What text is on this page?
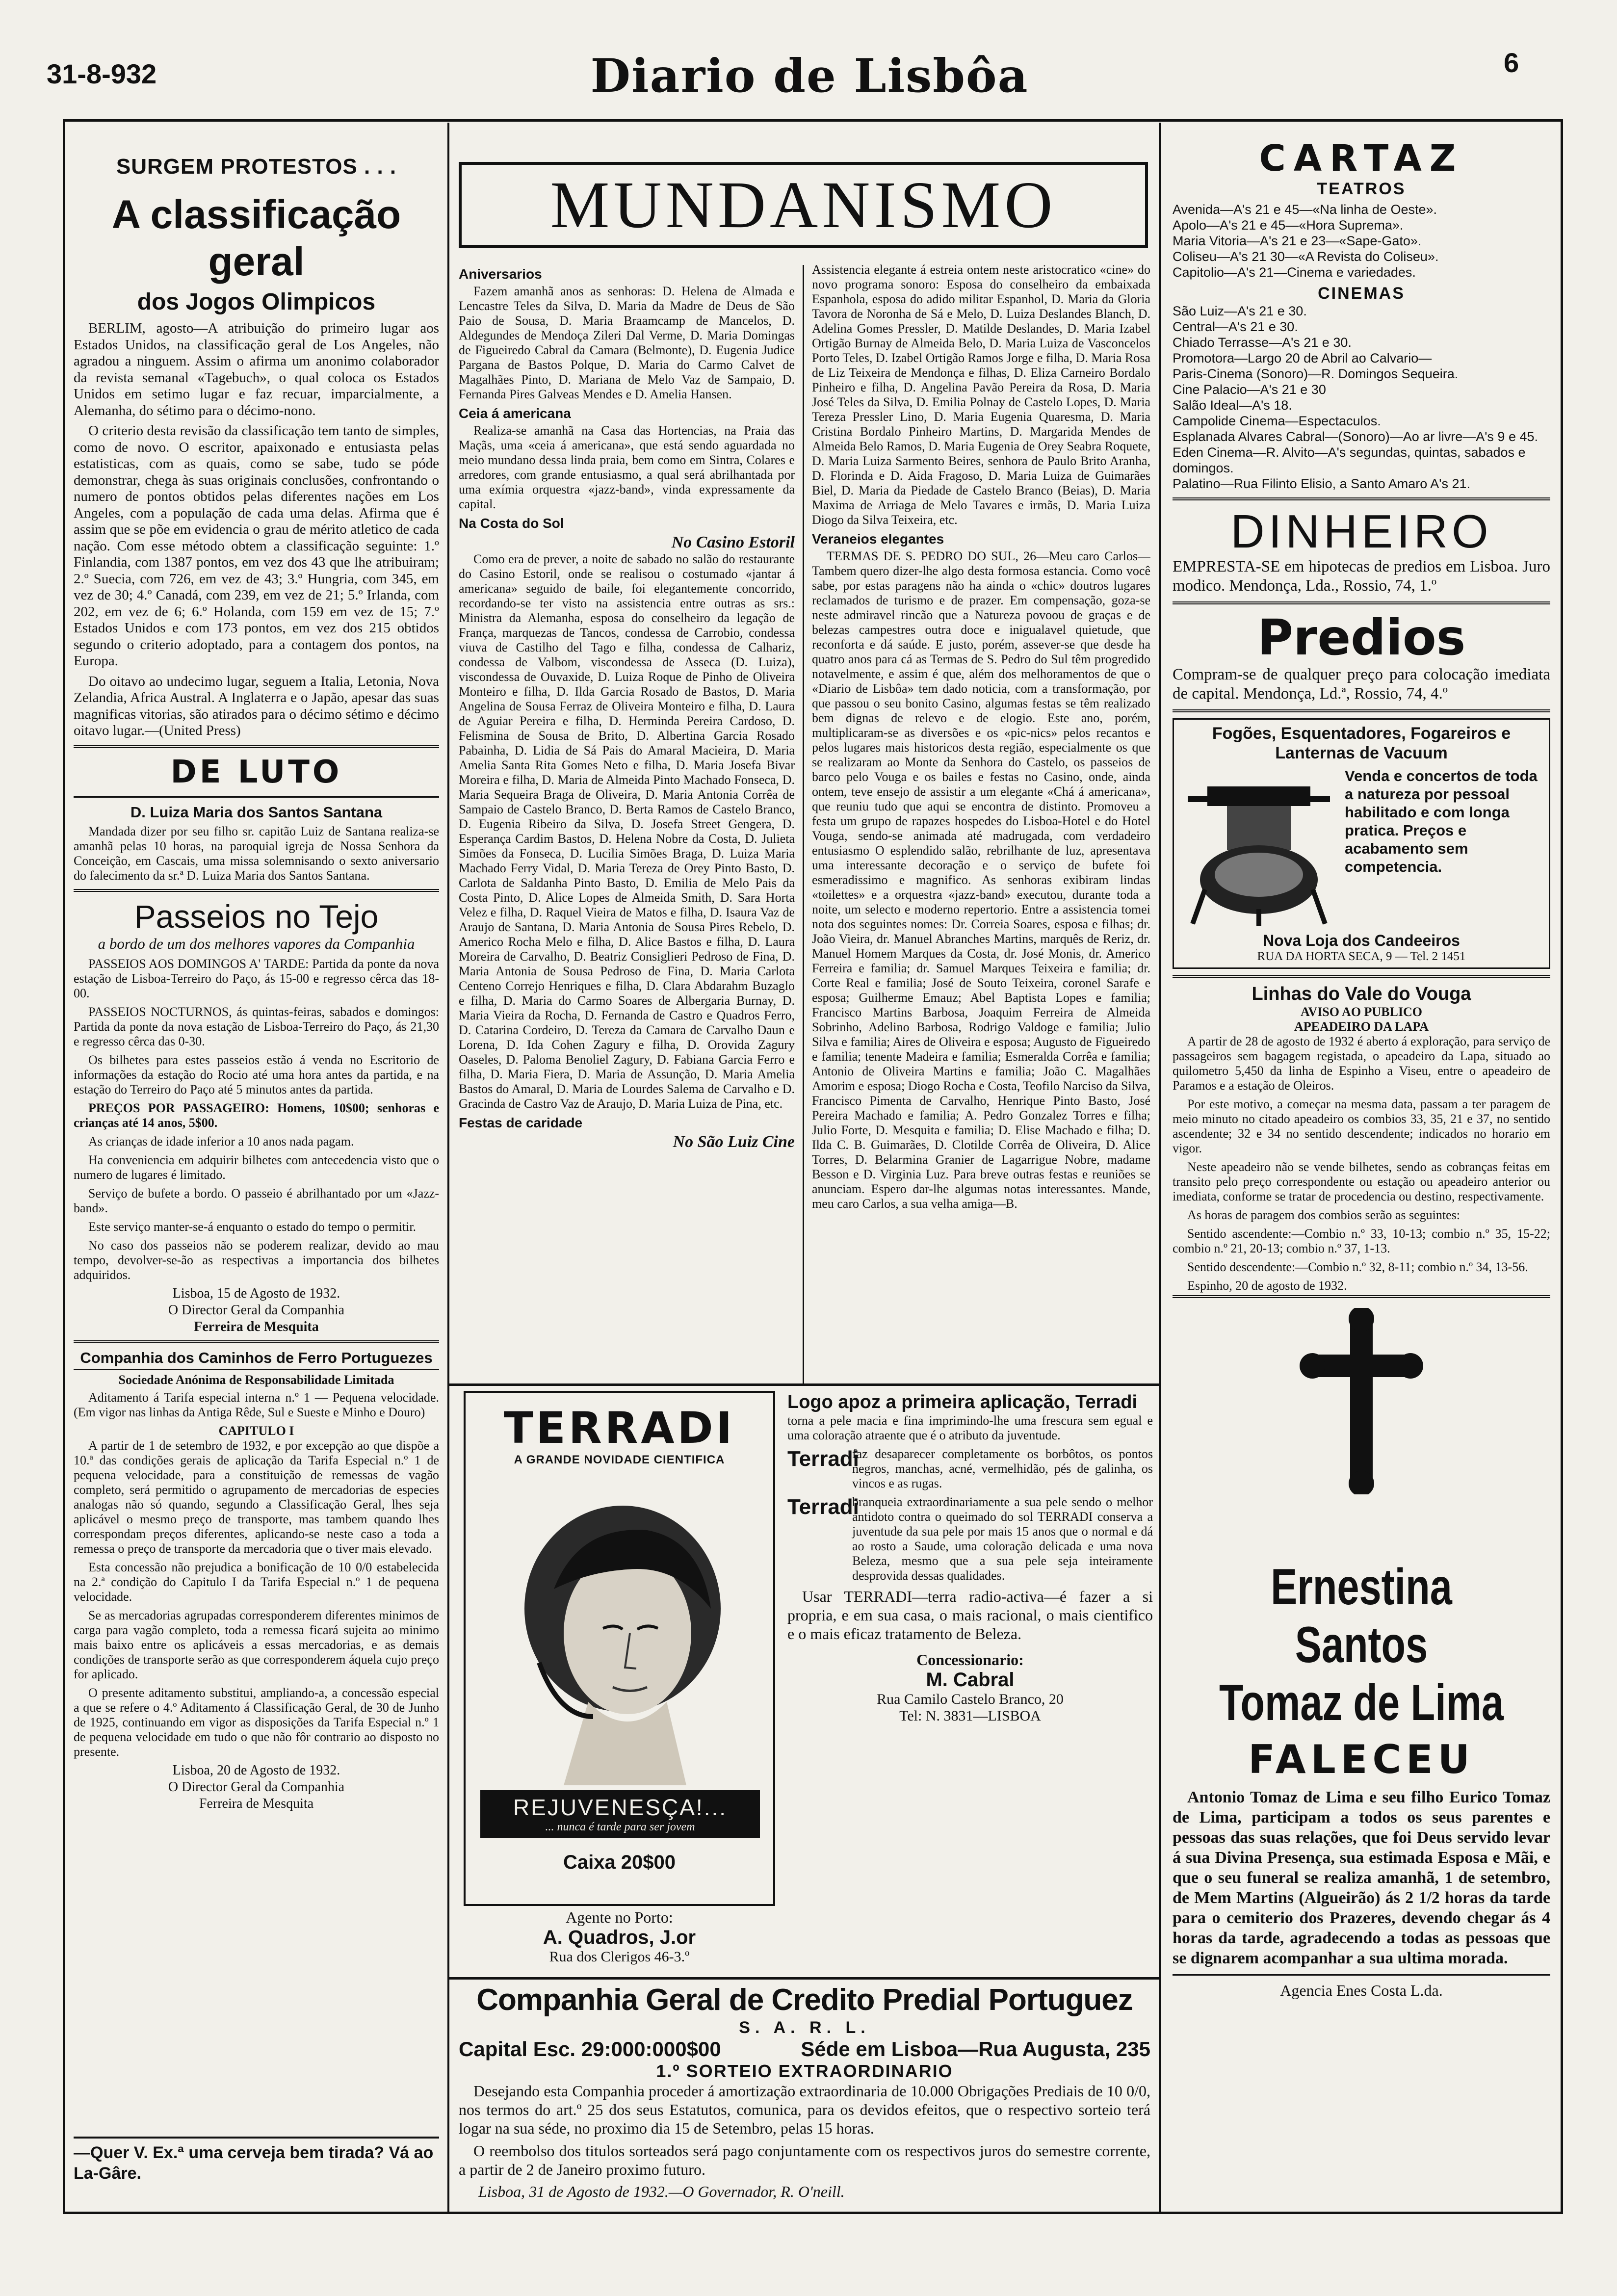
31-8-932	Diario de Lisbôa	6
SURGEM PROTESTOS . . .
A classificação geral
dos Jogos Olimpicos

BERLIM, agosto—A atribuição do primeiro lugar aos Estados Unidos, na classificação geral de Los Angeles, não agradou a ninguem. Assim o afirma um anonimo colaborador da revista semanal «Tagebuch», o qual coloca os Estados Unidos em setimo lugar e faz recuar, imparcialmente, a Alemanha, do sétimo para o décimo-nono.

O criterio desta revisão da classificação tem tanto de simples, como de novo. O escritor, apaixonado e entusiasta pelas estatisticas, com as quais, como se sabe, tudo se póde demonstrar, chega às suas originais conclusões, confrontando o numero de pontos obtidos pelas diferentes nações em Los Angeles, com a população de cada uma delas. Afirma que é assim que se põe em evidencia o grau de mérito atletico de cada nação. Com esse método obtem a classificação seguinte: 1.º Finlandia, com 1387 pontos, em vez dos 43 que lhe atribuiram; 2.º Suecia, com 726, em vez de 43; 3.º Hungria, com 345, em vez de 30; 4.º Canadá, com 239, em vez de 21; 5.º Irlanda, com 202, em vez de 6; 6.º Holanda, com 159 em vez de 15; 7.º Estados Unidos e com 173 pontos, em vez dos 215 obtidos segundo o criterio adoptado, para a contagem dos pontos, na Europa.

Do oitavo ao undecimo lugar, seguem a Italia, Letonia, Nova Zelandia, Africa Austral. A Inglaterra e o Japão, apesar das suas magnificas vitorias, são atirados para o décimo sétimo e décimo oitavo lugar.—(United Press)

DE LUTO
D. Luiza Maria dos Santos Santana

Mandada dizer por seu filho sr. capitão Luiz de Santana realiza-se amanhã pelas 10 horas, na paroquial igreja de Nossa Senhora da Conceição, em Cascais, uma missa solemnisando o sexto aniversario do falecimento da sr.ª D. Luiza Maria dos Santos Santana.

Passeios no Tejo
a bordo de um dos melhores vapores da Companhia

PASSEIOS AOS DOMINGOS A' TARDE: Partida da ponte da nova estação de Lisboa-Terreiro do Paço, ás 15-00 e regresso cêrca das 18-00.

PASSEIOS NOCTURNOS, ás quintas-feiras, sabados e domingos: Partida da ponte da nova estação de Lisboa-Terreiro do Paço, ás 21,30 e regresso cêrca das 0-30.

Os bilhetes para estes passeios estão á venda no Escritorio de informações da estação do Rocio até uma hora antes da partida, e na estação do Terreiro do Paço até 5 minutos antes da partida.

PREÇOS POR PASSAGEIRO: Homens, 10$00; senhoras e crianças até 14 anos, 5$00.

As crianças de idade inferior a 10 anos nada pagam.

Ha conveniencia em adquirir bilhetes com antecedencia visto que o numero de lugares é limitado.

Serviço de bufete a bordo. O passeio é abrilhantado por um «Jazz-band».

Este serviço manter-se-á enquanto o estado do tempo o permitir.

No caso dos passeios não se poderem realizar, devido ao mau tempo, devolver-se-ão as respectivas a importancia dos bilhetes adquiridos.

Lisboa, 15 de Agosto de 1932.
O Director Geral da Companhia
Ferreira de Mesquita
Companhia dos Caminhos de Ferro Portuguezes
Sociedade Anónima de Responsabilidade Limitada

Aditamento á Tarifa especial interna n.º 1 — Pequena velocidade. (Em vigor nas linhas da Antiga Rêde, Sul e Sueste e Minho e Douro)

CAPITULO I

A partir de 1 de setembro de 1932, e por excepção ao que dispõe a 10.ª das condições gerais de aplicação da Tarifa Especial n.º 1 de pequena velocidade, para a constituição de remessas de vagão completo, será permitido o agrupamento de mercadorias de especies analogas não só quando, segundo a Classificação Geral, lhes seja aplicável o mesmo preço de transporte, mas tambem quando lhes correspondam preços diferentes, aplicando-se neste caso a toda a remessa o preço de transporte da mercadoria que o tiver mais elevado.

Esta concessão não prejudica a bonificação de 10 0/0 estabelecida na 2.ª condição do Capitulo I da Tarifa Especial n.º 1 de pequena velocidade.

Se as mercadorias agrupadas corresponderem diferentes minimos de carga para vagão completo, toda a remessa ficará sujeita ao minimo mais baixo entre os aplicáveis a essas mercadorias, e as demais condições de transporte serão as que corresponderem áquela cujo preço for aplicado.

O presente aditamento substitui, ampliando-a, a concessão especial a que se refere o 4.º Aditamento á Classificação Geral, de 30 de Junho de 1925, continuando em vigor as disposições da Tarifa Especial n.º 1 de pequena velocidade em tudo o que não fôr contrario ao disposto no presente.

Lisboa, 20 de Agosto de 1932.
O Director Geral da Companhia
Ferreira de Mesquita
—Quer V. Ex.ª uma cerveja bem tirada? Vá ao La-Gâre.
MUNDANISMO
Aniversarios

Fazem amanhã anos as senhoras: D. Helena de Almada e Lencastre Teles da Silva, D. Maria da Madre de Deus de São Paio de Sousa, D. Maria Braamcamp de Mancelos, D. Aldegundes de Mendoça Zileri Dal Verme, D. Maria Domingas de Figueiredo Cabral da Camara (Belmonte), D. Eugenia Judice Pargana de Bastos Polque, D. Maria do Carmo Calvet de Magalhães Pinto, D. Mariana de Melo Vaz de Sampaio, D. Fernanda Pires Galveas Mendes e D. Amelia Hansen.

Ceia á americana

Realiza-se amanhã na Casa das Hortencias, na Praia das Maçãs, uma «ceia á americana», que está sendo aguardada no meio mundano dessa linda praia, bem como em Sintra, Colares e arredores, com grande entusiasmo, a qual será abrilhantada por uma exímia orquestra «jazz-band», vinda expressamente da capital.

Na Costa do Sol
No Casino Estoril

Como era de prever, a noite de sabado no salão do restaurante do Casino Estoril, onde se realisou o costumado «jantar á americana» seguido de baile, foi elegantemente concorrido, recordando-se ter visto na assistencia entre outras as srs.: Ministra da Alemanha, esposa do conselheiro da legação de França, marquezas de Tancos, condessa de Carrobio, condessa viuva de Castilho del Tago e filha, condessa de Calhariz, condessa de Valbom, viscondessa de Asseca (D. Luiza), viscondessa de Ouvaxide, D. Luiza Roque de Pinho de Oliveira Monteiro e filha, D. Ilda Garcia Rosado de Bastos, D. Maria Angelina de Sousa Ferraz de Oliveira Monteiro e filha, D. Laura de Aguiar Pereira e filha, D. Herminda Pereira Cardoso, D. Felismina de Sousa de Brito, D. Albertina Garcia Rosado Pabainha, D. Lidia de Sá Pais do Amaral Macieira, D. Maria Amelia Santa Rita Gomes Neto e filha, D. Maria Josefa Bivar Moreira e filha, D. Maria de Almeida Pinto Machado Fonseca, D. Maria Sequeira Braga de Oliveira, D. Maria Antonia Corrêa de Sampaio de Castelo Branco, D. Berta Ramos de Castelo Branco, D. Eugenia Ribeiro da Silva, D. Josefa Street Gengera, D. Esperança Cardim Bastos, D. Helena Nobre da Costa, D. Julieta Simões da Fonseca, D. Lucilia Simões Braga, D. Luiza Maria Machado Ferry Vidal, D. Maria Tereza de Orey Pinto Basto, D. Carlota de Saldanha Pinto Basto, D. Emilia de Melo Pais da Costa Pinto, D. Alice Lopes de Almeida Smith, D. Sara Horta Velez e filha, D. Raquel Vieira de Matos e filha, D. Isaura Vaz de Araujo de Santana, D. Maria Antonia de Sousa Pires Rebelo, D. Americo Rocha Melo e filha, D. Alice Bastos e filha, D. Laura Moreira de Carvalho, D. Beatriz Consiglieri Pedroso de Fina, D. Maria Antonia de Sousa Pedroso de Fina, D. Maria Carlota Centeno Correjo Henriques e filha, D. Clara Abdarahm Buzaglo e filha, D. Maria do Carmo Soares de Albergaria Burnay, D. Maria Vieira da Rocha, D. Fernanda de Castro e Quadros Ferro, D. Catarina Cordeiro, D. Tereza da Camara de Carvalho Daun e Lorena, D. Ida Cohen Zagury e filha, D. Orovida Zagury Oaseles, D. Paloma Benoliel Zagury, D. Fabiana Garcia Ferro e filha, D. Maria Fiera, D. Maria de Assunção, D. Maria Amelia Bastos do Amaral, D. Maria de Lourdes Salema de Carvalho e D. Gracinda de Castro Vaz de Araujo, D. Maria Luiza de Pina, etc.

Festas de caridade
No São Luiz Cine

Assistencia elegante á estreia ontem neste aristocratico «cine» do novo programa sonoro: Esposa do conselheiro da embaixada Espanhola, esposa do adido militar Espanhol, D. Maria da Gloria Tavora de Noronha de Sá e Melo, D. Luiza Deslandes Blanch, D. Adelina Gomes Pressler, D. Matilde Deslandes, D. Maria Izabel Ortigão Burnay de Almeida Belo, D. Maria Luiza de Vasconcelos Porto Teles, D. Izabel Ortigão Ramos Jorge e filha, D. Maria Rosa de Liz Teixeira de Mendonça e filhas, D. Eliza Carneiro Bordalo Pinheiro e filha, D. Angelina Pavão Pereira da Rosa, D. Maria José Teles da Silva, D. Emilia Polnay de Castelo Lopes, D. Maria Tereza Pressler Lino, D. Maria Eugenia Quaresma, D. Maria Cristina Bordalo Pinheiro Martins, D. Margarida Mendes de Almeida Belo Ramos, D. Maria Eugenia de Orey Seabra Roquete, D. Maria Luiza Sarmento Beires, senhora de Paulo Brito Aranha, D. Florinda e D. Aida Fragoso, D. Maria Luiza de Guimarães Biel, D. Maria da Piedade de Castelo Branco (Beias), D. Maria Maxima de Arriaga de Melo Tavares e irmãs, D. Maria Luiza Diogo da Silva Teixeira, etc.

Veraneios elegantes

TERMAS DE S. PEDRO DO SUL, 26—Meu caro Carlos—Tambem quero dizer-lhe algo desta formosa estancia. Como você sabe, por estas paragens não ha ainda o «chic» doutros lugares reclamados de turismo e de prazer. Em compensação, goza-se neste admiravel rincão que a Natureza povoou de graças e de belezas campestres outra doce e inigualavel quietude, que reconforta e dá saúde. E justo, porém, assever-se que desde ha quatro anos para cá as Termas de S. Pedro do Sul têm progredido notavelmente, e assim é que, além dos melhoramentos de que o «Diario de Lisbôa» tem dado noticia, com a transformação, por que passou o seu bonito Casino, algumas festas se têm realizado bem dignas de relevo e de elogio. Este ano, porém, multiplicaram-se as diversões e os «pic-nics» pelos recantos e pelos lugares mais historicos desta região, especialmente os que se realizaram ao Monte da Senhora do Castelo, os passeios de barco pelo Vouga e os bailes e festas no Casino, onde, ainda ontem, teve ensejo de assistir a um elegante «Chá á americana», que reuniu tudo que aqui se encontra de distinto. Promoveu a festa um grupo de rapazes hospedes do Lisboa-Hotel e do Hotel Vouga, sendo-se animada até madrugada, com verdadeiro entusiasmo O esplendido salão, rebrilhante de luz, apresentava uma interessante decoração e o serviço de bufete foi esmeradissimo e magnifico. As senhoras exibiram lindas «toilettes» e a orquestra «jazz-band» executou, durante toda a noite, um selecto e moderno repertorio. Entre a assistencia tomei nota dos seguintes nomes: Dr. Correia Soares, esposa e filhas; dr. João Vieira, dr. Manuel Abranches Martins, marquês de Reriz, dr. Manuel Homem Marques da Costa, dr. José Monis, dr. Americo Ferreira e familia; dr. Samuel Marques Teixeira e familia; dr. Corte Real e familia; José de Souto Teixeira, coronel Sarafe e esposa; Guilherme Emauz; Abel Baptista Lopes e familia; Francisco Martins Barbosa, Joaquim Ferreira de Almeida Sobrinho, Adelino Barbosa, Rodrigo Valdoge e familia; Julio Silva e familia; Aires de Oliveira e esposa; Augusto de Figueiredo e familia; tenente Madeira e familia; Esmeralda Corrêa e familia; Antonio de Oliveira Martins e familia; João C. Magalhães Amorim e esposa; Diogo Rocha e Costa, Teofilo Narciso da Silva, Francisco Pimenta de Carvalho, Henrique Pinto Basto, José Pereira Machado e familia; A. Pedro Gonzalez Torres e filha; Julio Forte, D. Mesquita e familia; D. Elise Machado e filha; D. Ilda C. B. Guimarães, D. Clotilde Corrêa de Oliveira, D. Alice Torres, D. Belarmina Granier de Lagarrigue Nobre, madame Besson e D. Virginia Luz. Para breve outras festas e reuniões se anunciam. Espero dar-lhe algumas notas interessantes. Mande, meu caro Carlos, a sua velha amiga—B.

TERRADI
A GRANDE NOVIDADE CIENTIFICA
REJUVENESÇA!...
... nunca é tarde para ser jovem
Caixa 20$00
Agente no Porto:
A. Quadros, J.or
Rua dos Clerigos 46-3.º
Logo apoz a primeira aplicação, Terradi

torna a pele macia e fina imprimindo-lhe uma frescura sem egual e uma coloração atraente que é o atributo da juventude.

Terradi

faz desaparecer completamente os borbôtos, os pontos negros, manchas, acné, vermelhidão, pés de galinha, os vincos e as rugas.

Terradi

branqueia extraordinariamente a sua pele sendo o melhor antidoto contra o queimado do sol TERRADI conserva a juventude da sua pele por mais 15 anos que o normal e dá ao rosto a Saude, uma coloração delicada e uma nova Beleza, mesmo que a sua pele seja inteiramente desprovida dessas qualidades.

Usar TERRADI—terra radio-activa—é fazer a si propria, e em sua casa, o mais racional, o mais cientifico e o mais eficaz tratamento de Beleza.

Concessionario:
M. Cabral
Rua Camilo Castelo Branco, 20
Tel: N. 3831—LISBOA
Companhia Geral de Credito Predial Portuguez
S. A. R. L.
Capital Esc. 29:000:000$00	Séde em Lisboa—Rua Augusta, 235
1.º SORTEIO EXTRAORDINARIO

Desejando esta Companhia proceder á amortização extraordinaria de 10.000 Obrigações Prediais de 10 0/0, nos termos do art.º 25 dos seus Estatutos, comunica, para os devidos efeitos, que o respectivo sorteio terá logar na sua séde, no proximo dia 15 de Setembro, pelas 15 horas.

O reembolso dos titulos sorteados será pago conjuntamente com os respectivos juros do semestre corrente, a partir de 2 de Janeiro proximo futuro.

Lisboa, 31 de Agosto de 1932.—O Governador, R. O'neill.
CARTAZ
TEATROS
Avenida—A's 21 e 45—«Na linha de Oeste».
Apolo—A's 21 e 45—«Hora Suprema».
Maria Vitoria—A's 21 e 23—«Sape-Gato».
Coliseu—A's 21 30—«A Revista do Coliseu».
Capitolio—A's 21—Cinema e variedades.
CINEMAS
São Luiz—A's 21 e 30.
Central—A's 21 e 30.
Chiado Terrasse—A's 21 e 30.
Promotora—Largo 20 de Abril ao Calvario—
Paris-Cinema (Sonoro)—R. Domingos Sequeira.
Cine Palacio—A's 21 e 30
Salão Ideal—A's 18.
Campolide Cinema—Espectaculos.
Esplanada Alvares Cabral—(Sonoro)—Ao ar livre—A's 9 e 45.
Eden Cinema—R. Alvito—A's segundas, quintas, sabados e domingos.
Palatino—Rua Filinto Elisio, a Santo Amaro A's 21.
DINHEIRO

EMPRESTA-SE em hipotecas de predios em Lisboa. Juro modico. Mendonça, Lda., Rossio, 74, 1.º

Predios

Compram-se de qualquer preço para colocação imediata de capital. Mendonça, Ld.ª, Rossio, 74, 4.º

Fogões, Esquentadores, Fogareiros e Lanternas de Vacuum
Venda e concertos de toda a natureza por pessoal habilitado e com longa pratica. Preços e acabamento sem competencia.
Nova Loja dos Candeeiros
RUA DA HORTA SECA, 9 — Tel. 2 1451
Linhas do Vale do Vouga
AVISO AO PUBLICO
APEADEIRO DA LAPA

A partir de 28 de agosto de 1932 é aberto á exploração, para serviço de passageiros sem bagagem registada, o apeadeiro da Lapa, situado ao quilometro 5,450 da linha de Espinho a Viseu, entre o apeadeiro de Paramos e a estação de Oleiros.

Por este motivo, a começar na mesma data, passam a ter paragem de meio minuto no citado apeadeiro os combios 33, 35, 21 e 37, no sentido ascendente; 32 e 34 no sentido descendente; indicados no horario em vigor.

Neste apeadeiro não se vende bilhetes, sendo as cobranças feitas em transito pelo preço correspondente ou estação ou apeadeiro anterior ou imediata, conforme se tratar de procedencia ou destino, respectivamente.

As horas de paragem dos combios serão as seguintes:

Sentido ascendente:—Combio n.º 33, 10-13; combio n.º 35, 15-22; combio n.º 21, 20-13; combio n.º 37, 1-13.

Sentido descendente:—Combio n.º 32, 8-11; combio n.º 34, 13-56.

Espinho, 20 de agosto de 1932.
Ernestina Santos
Tomaz de Lima
FALECEU

Antonio Tomaz de Lima e seu filho Eurico Tomaz de Lima, participam a todos os seus parentes e pessoas das suas relações, que foi Deus servido levar á sua Divina Presença, sua estimada Esposa e Mãi, e que o seu funeral se realiza amanhã, 1 de setembro, de Mem Martins (Algueirão) ás 2 1/2 horas da tarde para o cemiterio dos Prazeres, devendo chegar ás 4 horas da tarde, agradecendo a todas as pessoas que se dignarem acompanhar a sua ultima morada.

Agencia Enes Costa L.da.
